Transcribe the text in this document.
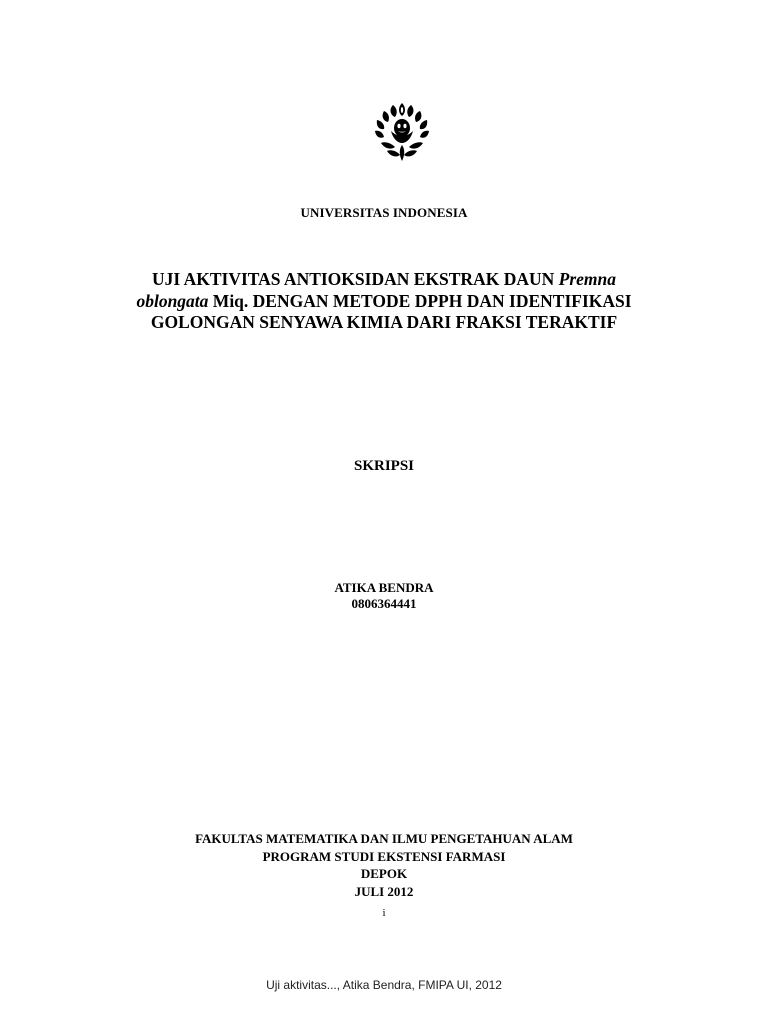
UNIVERSITAS INDONESIA
UJI AKTIVITAS ANTIOKSIDAN EKSTRAK DAUN Premna
oblongata Miq. DENGAN METODE DPPH DAN IDENTIFIKASI
GOLONGAN SENYAWA KIMIA DARI FRAKSI TERAKTIF
SKRIPSI
ATIKA BENDRA
0806364441
FAKULTAS MATEMATIKA DAN ILMU PENGETAHUAN ALAM
PROGRAM STUDI EKSTENSI FARMASI
DEPOK
JULI 2012
i
Uji aktivitas..., Atika Bendra, FMIPA UI, 2012
